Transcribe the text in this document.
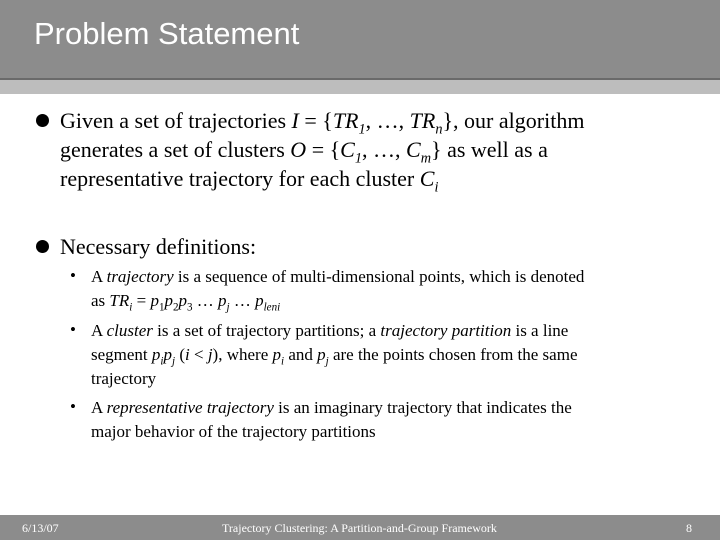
Problem Statement
Given a set of trajectories $I = \{TR_1$, …, $TR_n$}, our algorithm
generates a set of clusters $O = \{C_1$, …, $C_m$} as well as a
representative trajectory for each cluster $C_i$
Necessary definitions:
• A trajectory is a sequence of multi-dimensional points, which is denoted
as $TR_i = p_1p_2p_3$ … $p_j$ … $p_{leni}$
• A cluster is a set of trajectory partitions; a trajectory partition is a line
segment $p_ip_j$ (i < j), where $p_i$ and $p_j$ are the points chosen from the same
trajectory
• A representative trajectory is an imaginary trajectory that indicates the
major behavior of the trajectory partitions
6/13/07	Trajectory Clustering: A Partition-and-Group Framework	8
